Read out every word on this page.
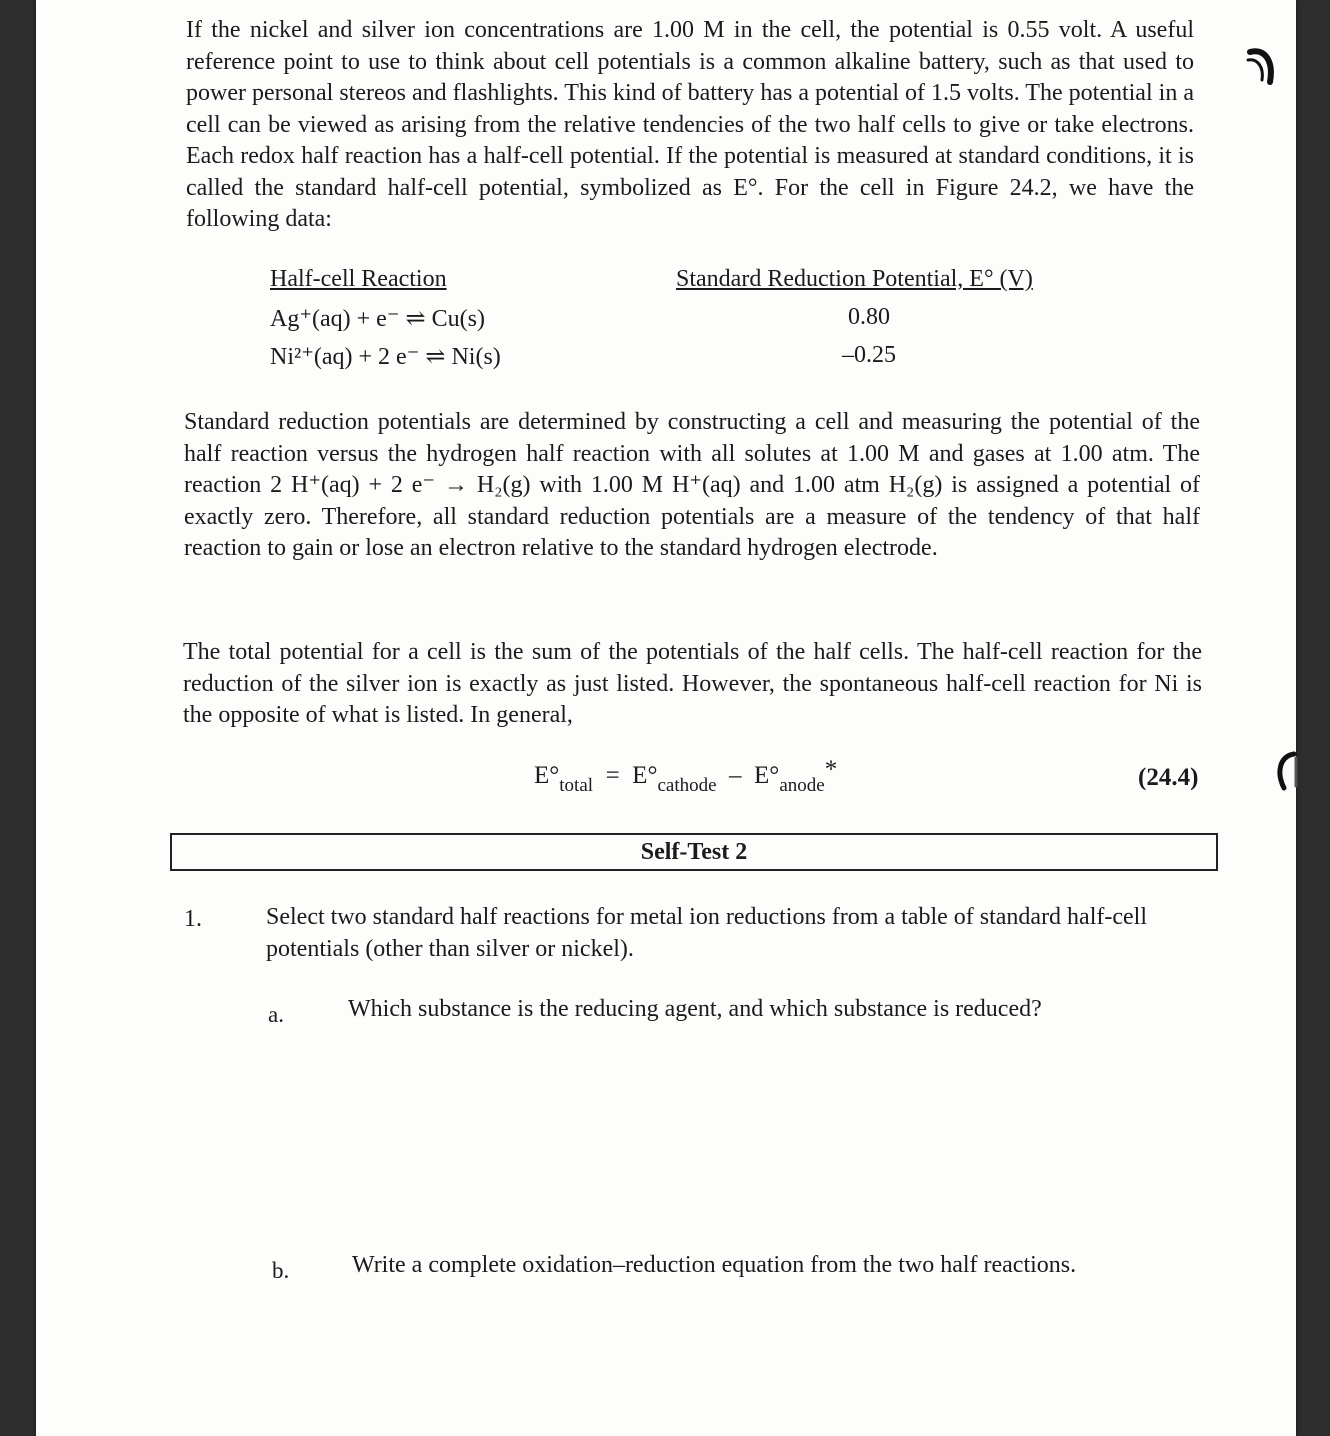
If the nickel and silver ion concentrations are 1.00 M in the cell, the potential is 0.55 volt. A useful reference point to use to think about cell potentials is a common alkaline battery, such as that used to power personal stereos and flashlights. This kind of battery has a potential of 1.5 volts. The potential in a cell can be viewed as arising from the relative tendencies of the two half cells to give or take electrons. Each redox half reaction has a half-cell potential. If the potential is measured at standard conditions, it is called the standard half-cell potential, symbolized as E°. For the cell in Figure 24.2, we have the following data:

Half-cell Reaction	Standard Reduction Potential, E° (V)
Ag⁺(aq) + e⁻ ⇌ Cu(s)	0.80
Ni²⁺(aq) + 2 e⁻ ⇌ Ni(s)	–0.25

Standard reduction potentials are determined by constructing a cell and measuring the potential of the half reaction versus the hydrogen half reaction with all solutes at 1.00 M and gases at 1.00 atm. The reaction 2 H⁺(aq) + 2 e⁻ → H₂(g) with 1.00 M H⁺(aq) and 1.00 atm H₂(g) is assigned a potential of exactly zero. Therefore, all standard reduction potentials are a measure of the tendency of that half reaction to gain or lose an electron relative to the standard hydrogen electrode.

The total potential for a cell is the sum of the potentials of the half cells. The half-cell reaction for the reduction of the silver ion is exactly as just listed. However, the spontaneous half-cell reaction for Ni is the opposite of what is listed. In general,

$E^\circ_{total} = E^\circ_{cathode} - E^\circ_{anode}*$	(24.4)
Self-Test 2
1.	Select two standard half reactions for metal ion reductions from a table of standard half-cell potentials (other than silver or nickel).
a.	Which substance is the reducing agent, and which substance is reduced?
b.	Write a complete oxidation–reduction equation from the two half reactions.
